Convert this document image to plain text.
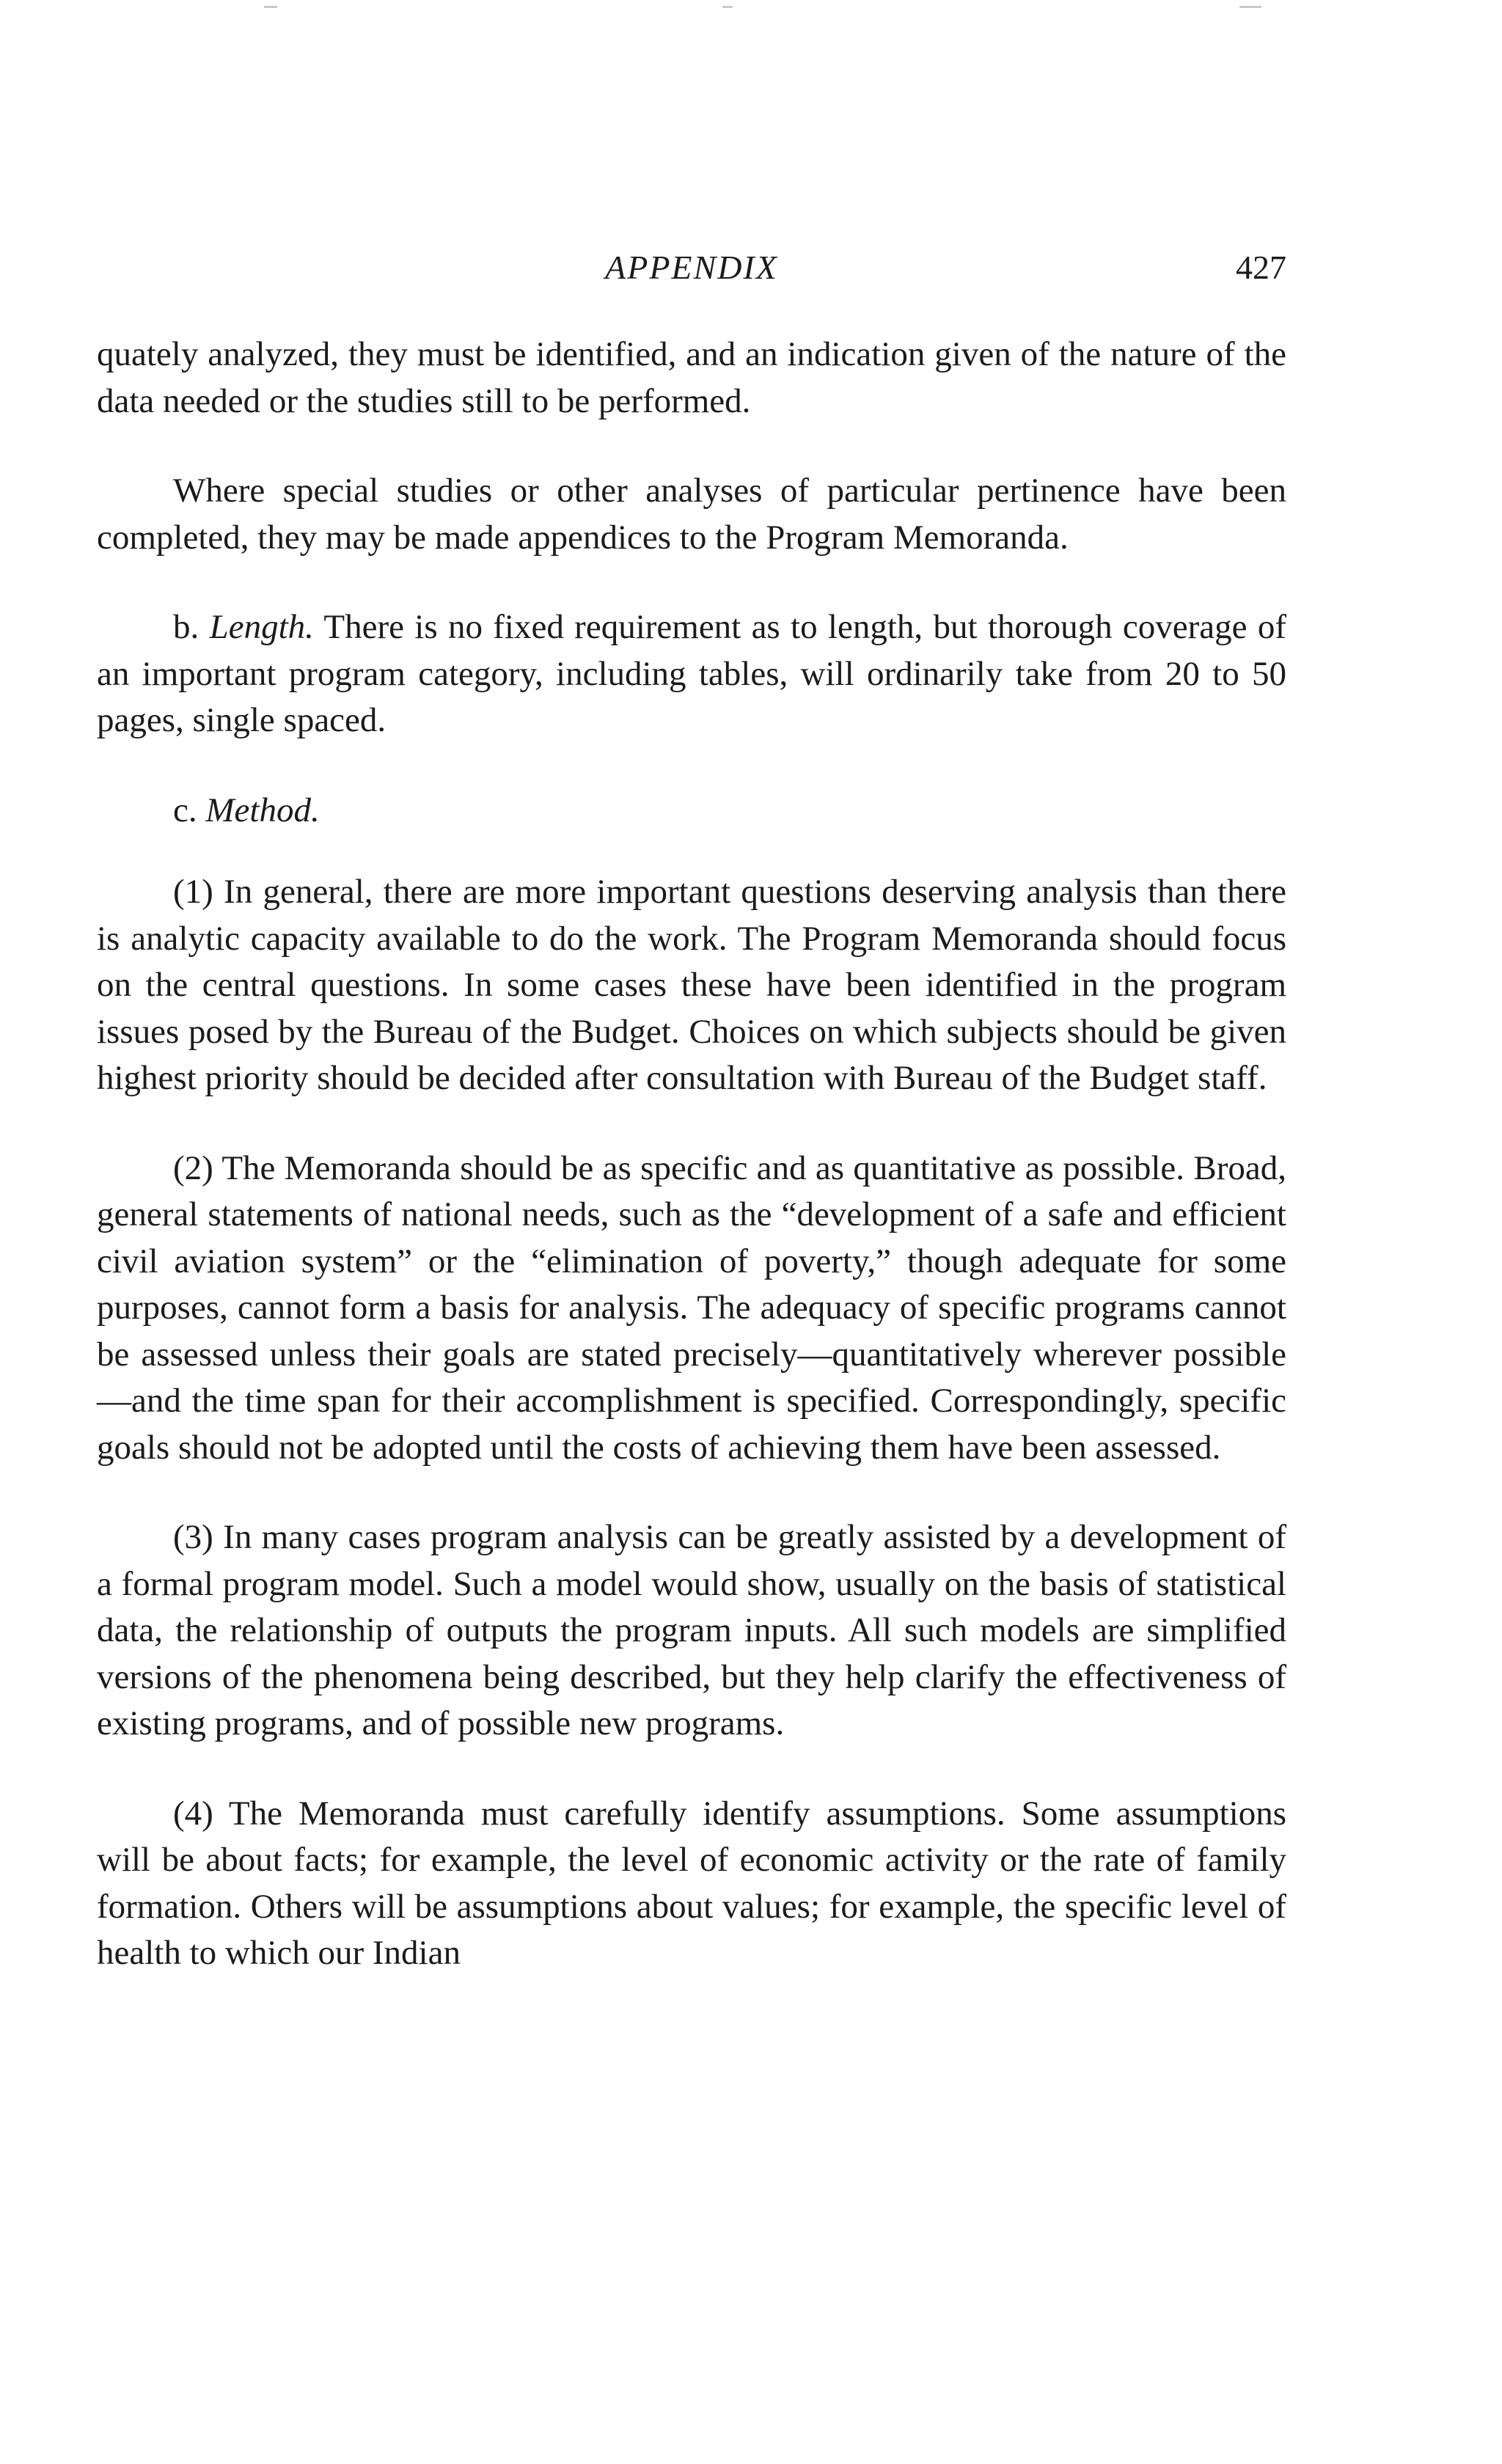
APPENDIX	427

quately analyzed, they must be identified, and an indication given of the nature of the data needed or the studies still to be performed.

Where special studies or other analyses of particular pertinence have been completed, they may be made appendices to the Program Memoranda.

b. Length. There is no fixed requirement as to length, but thorough coverage of an important program category, including tables, will ordinarily take from 20 to 50 pages, single spaced.

c. Method.

(1) In general, there are more important questions deserving analysis than there is analytic capacity available to do the work. The Program Memoranda should focus on the central questions. In some cases these have been identified in the program issues posed by the Bureau of the Budget. Choices on which subjects should be given highest priority should be decided after consultation with Bureau of the Budget staff.

(2) The Memoranda should be as specific and as quantitative as possible. Broad, general statements of national needs, such as the “development of a safe and efficient civil aviation system” or the “elimination of poverty,” though adequate for some purposes, cannot form a basis for analysis. The adequacy of specific programs cannot be assessed unless their goals are stated precisely—quantitatively wherever possible—and the time span for their accomplishment is specified. Correspondingly, specific goals should not be adopted until the costs of achieving them have been assessed.

(3) In many cases program analysis can be greatly assisted by a development of a formal program model. Such a model would show, usually on the basis of statistical data, the relationship of outputs the program inputs. All such models are simplified versions of the phenomena being described, but they help clarify the effectiveness of existing programs, and of possible new programs.

(4) The Memoranda must carefully identify assumptions. Some assumptions will be about facts; for example, the level of economic activity or the rate of family formation. Others will be assumptions about values; for example, the specific level of health to which our Indian
